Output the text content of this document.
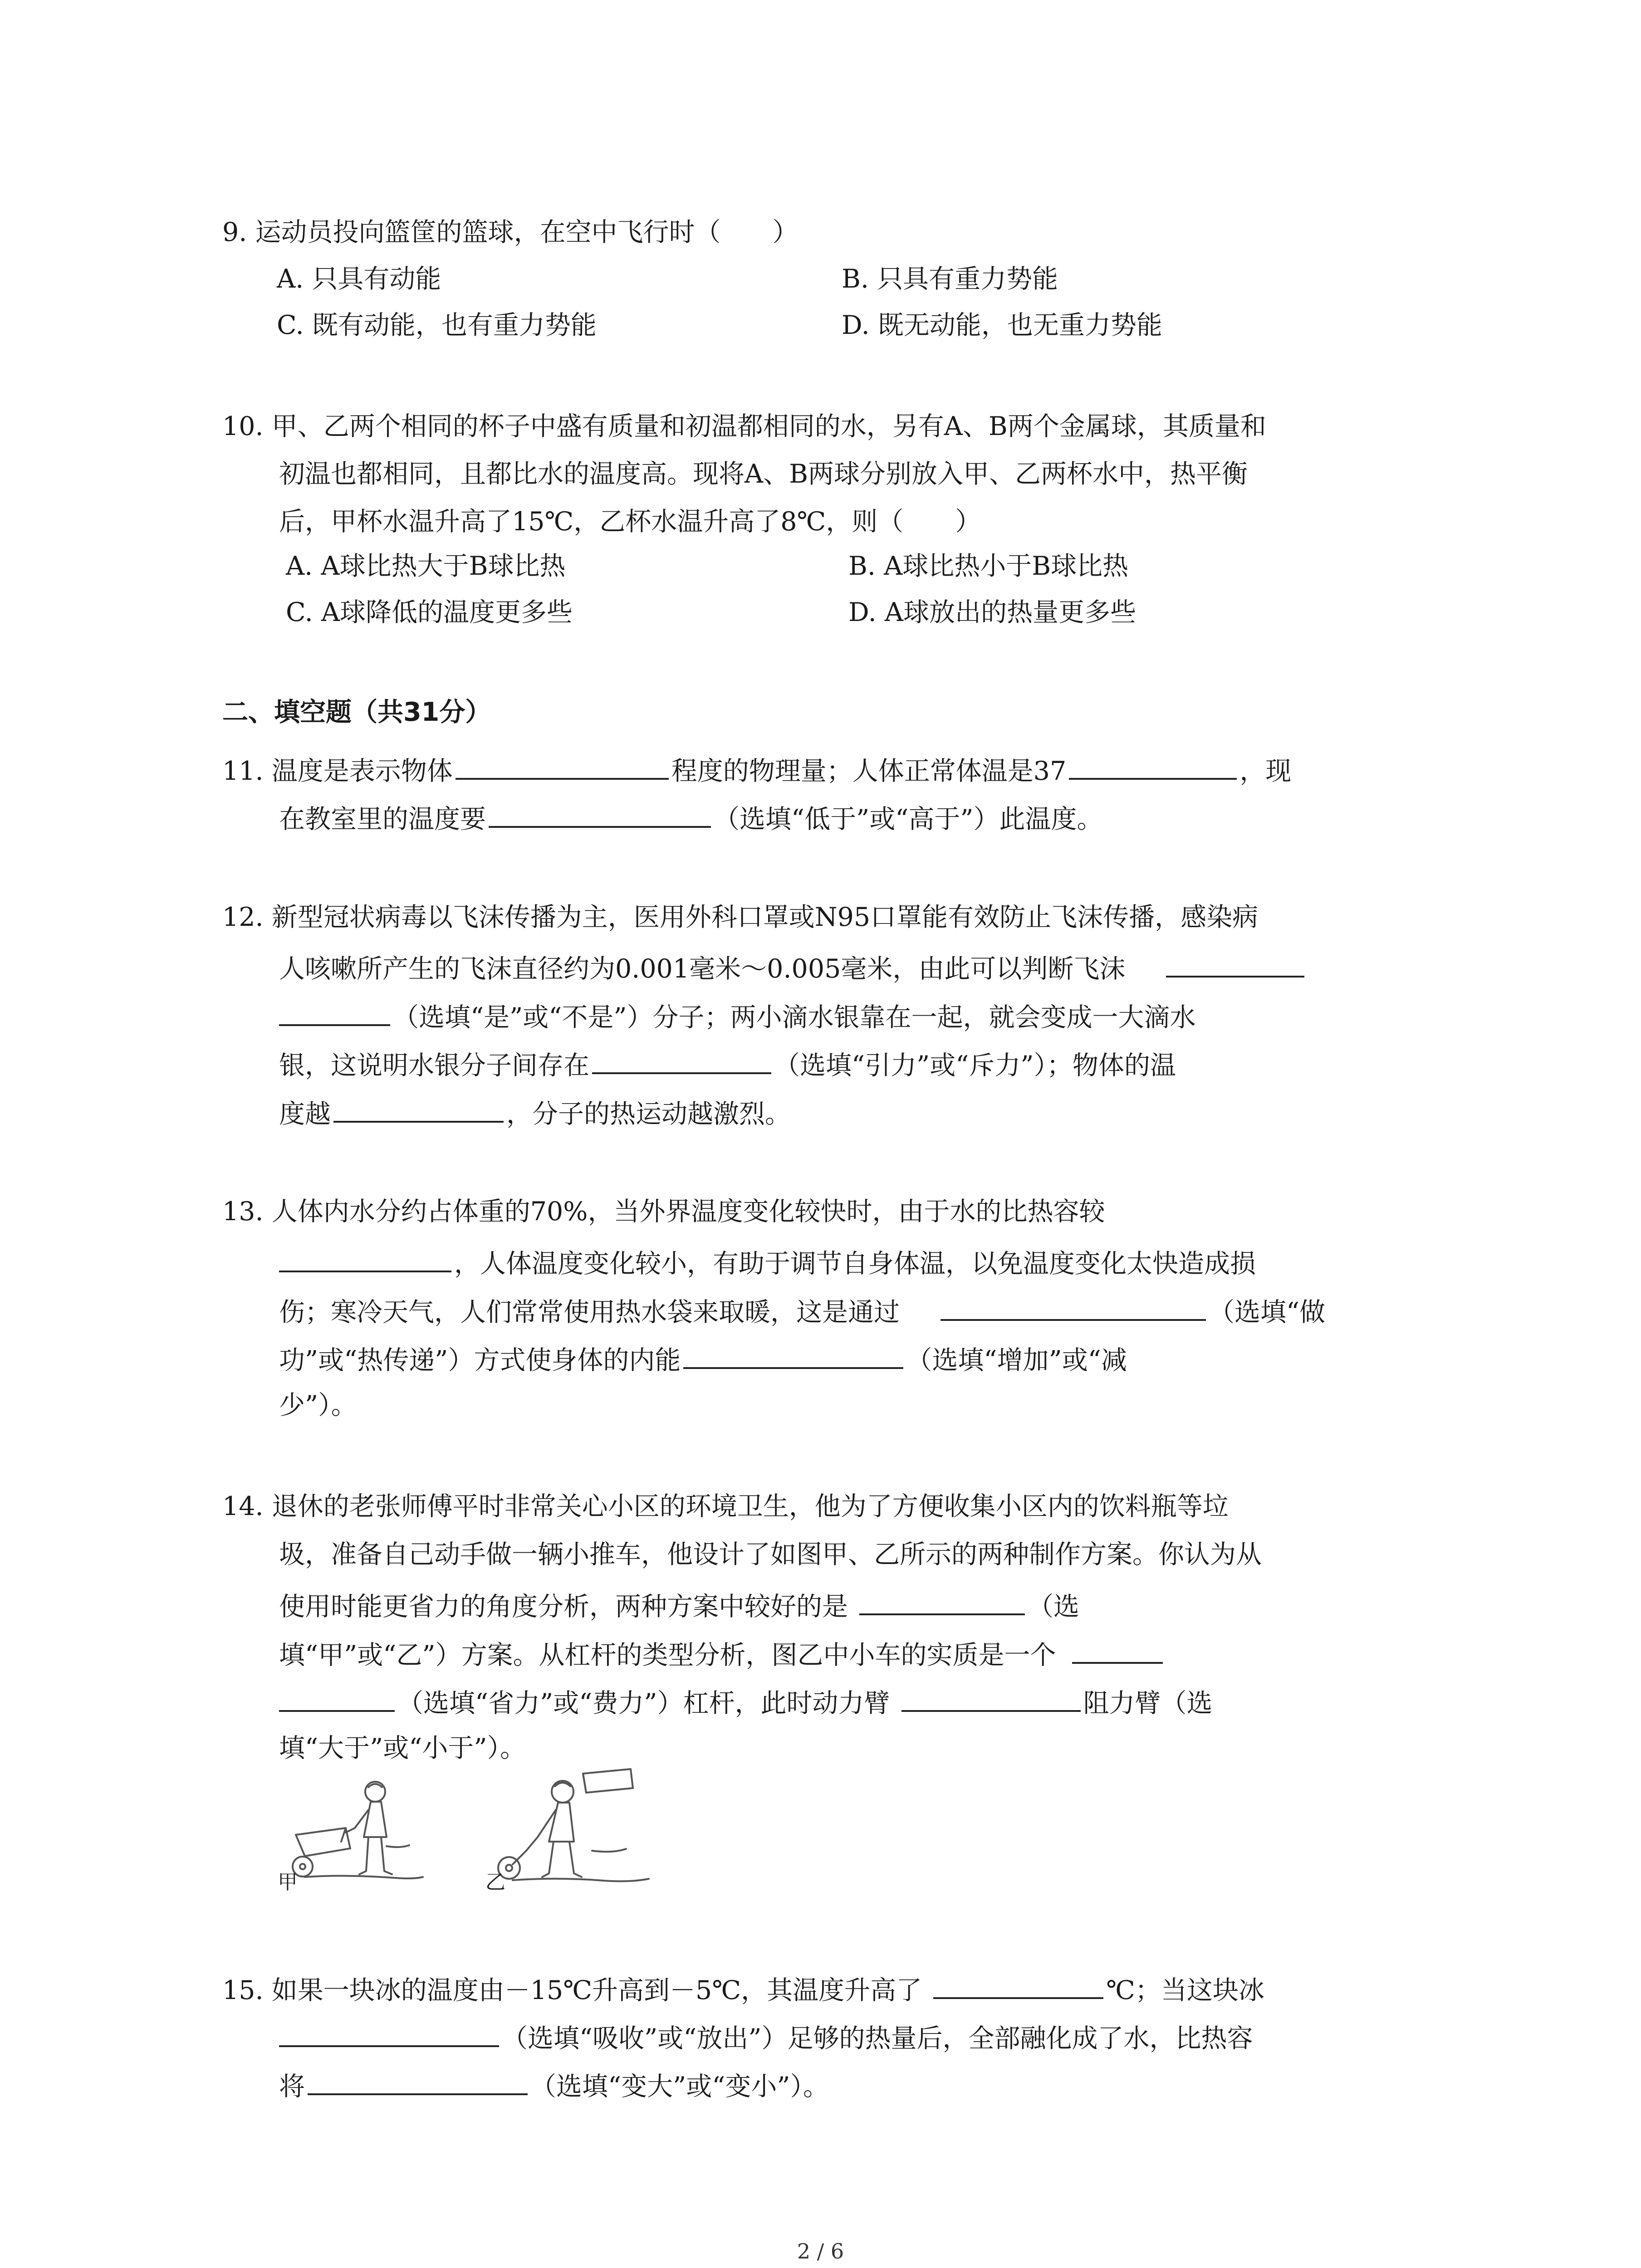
9. 运动员投向篮筐的篮球，在空中飞行时（　　）
A. 只具有动能	B. 只具有重力势能
C. 既有动能，也有重力势能	D. 既无动能，也无重力势能
10. 甲、乙两个相同的杯子中盛有质量和初温都相同的水，另有A、B两个金属球，其质量和
初温也都相同，且都比水的温度高。现将A、B两球分别放入甲、乙两杯水中，热平衡
后，甲杯水温升高了15℃，乙杯水温升高了8℃，则（　　）
A. A球比热大于B球比热	B. A球比热小于B球比热
C. A球降低的温度更多些	D. A球放出的热量更多些
二、填空题（共31分）
11. 温度是表示物体	程度的物理量；人体正常体温是37	，现
在教室里的温度要	（选填“低于”或“高于”）此温度。
12. 新型冠状病毒以飞沫传播为主，医用外科口罩或N95口罩能有效防止飞沫传播，感染病
人咳嗽所产生的飞沫直径约为0.001毫米～0.005毫米，由此可以判断飞沫
（选填“是”或“不是”）分子；两小滴水银靠在一起，就会变成一大滴水
银，这说明水银分子间存在	（选填“引力”或“斥力”）；物体的温
度越	，分子的热运动越激烈。
13. 人体内水分约占体重的70%，当外界温度变化较快时，由于水的比热容较
，人体温度变化较小，有助于调节自身体温，以免温度变化太快造成损
伤；寒冷天气，人们常常使用热水袋来取暖，这是通过	（选填“做
功”或“热传递”）方式使身体的内能	（选填“增加”或“减
少”）。
14. 退休的老张师傅平时非常关心小区的环境卫生，他为了方便收集小区内的饮料瓶等垃
圾，准备自己动手做一辆小推车，他设计了如图甲、乙所示的两种制作方案。你认为从
使用时能更省力的角度分析，两种方案中较好的是	（选
填“甲”或“乙”）方案。从杠杆的类型分析，图乙中小车的实质是一个
（选填“省力”或“费力”）杠杆，此时动力臂	阻力臂（选
填“大于”或“小于”）。
甲	乙
15. 如果一块冰的温度由－15℃升高到－5℃，其温度升高了	℃；当这块冰
（选填“吸收”或“放出”）足够的热量后，全部融化成了水，比热容
将	（选填“变大”或“变小”）。
2 / 6
